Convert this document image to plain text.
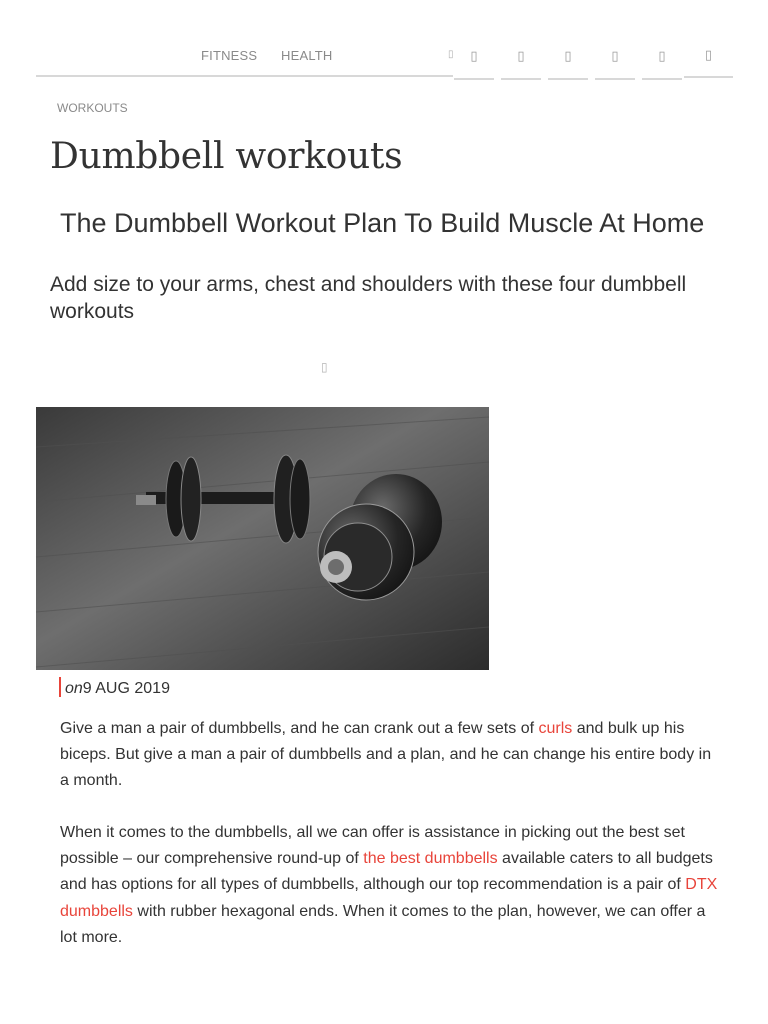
FITNESS HEALTH	▯	▯	▯	▯	▯	▯	▯
WORKOUTS
Dumbbell workouts
The Dumbbell Workout Plan To Build Muscle At Home

Add size to your arms, chest and shoulders with these four dumbbell workouts

▯
on9 AUG 2019

Give a man a pair of dumbbells, and he can crank out a few sets of curls and bulk up his biceps. But give a man a pair of dumbbells and a plan, and he can change his entire body in a month.

When it comes to the dumbbells, all we can offer is assistance in picking out the best set possible – our comprehensive round-up of the best dumbbells available caters to all budgets and has options for all types of dumbbells, although our top recommendation is a pair of DTX dumbbells with rubber hexagonal ends. When it comes to the plan, however, we can offer a lot more.
